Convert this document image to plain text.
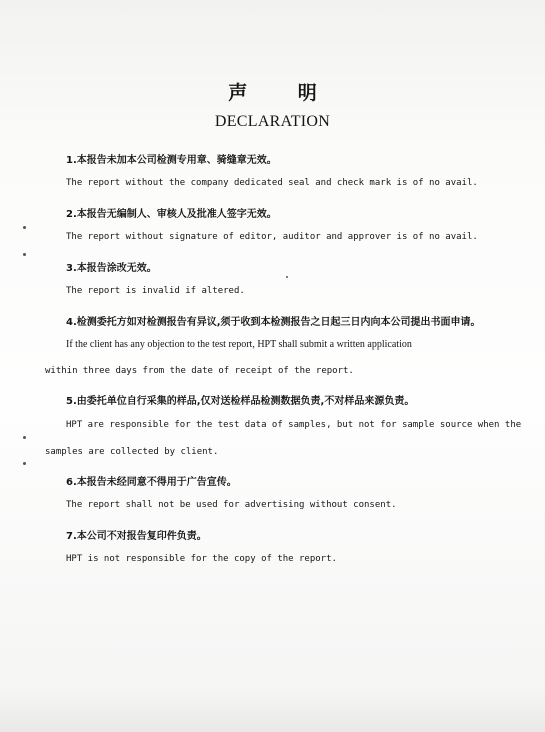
声 明
DECLARATION
1.本报告未加本公司检测专用章、骑缝章无效。
The report without the company dedicated seal and check mark is of no avail.
2.本报告无编制人、审核人及批准人签字无效。
The report without signature of editor, auditor and approver is of no avail.
3.本报告涂改无效。
The report is invalid if altered.
4.检测委托方如对检测报告有异议,须于收到本检测报告之日起三日内向本公司提出书面申请。
If the client has any objection to the test report, HPT shall submit a written application
within three days from the date of receipt of the report.
5.由委托单位自行采集的样品,仅对送检样品检测数据负责,不对样品来源负责。
HPT are responsible for the test data of samples, but not for sample source when the
samples are collected by client.
6.本报告未经同意不得用于广告宣传。
The report shall not be used for advertising without consent.
7.本公司不对报告复印件负责。
HPT is not responsible for the copy of the report.
